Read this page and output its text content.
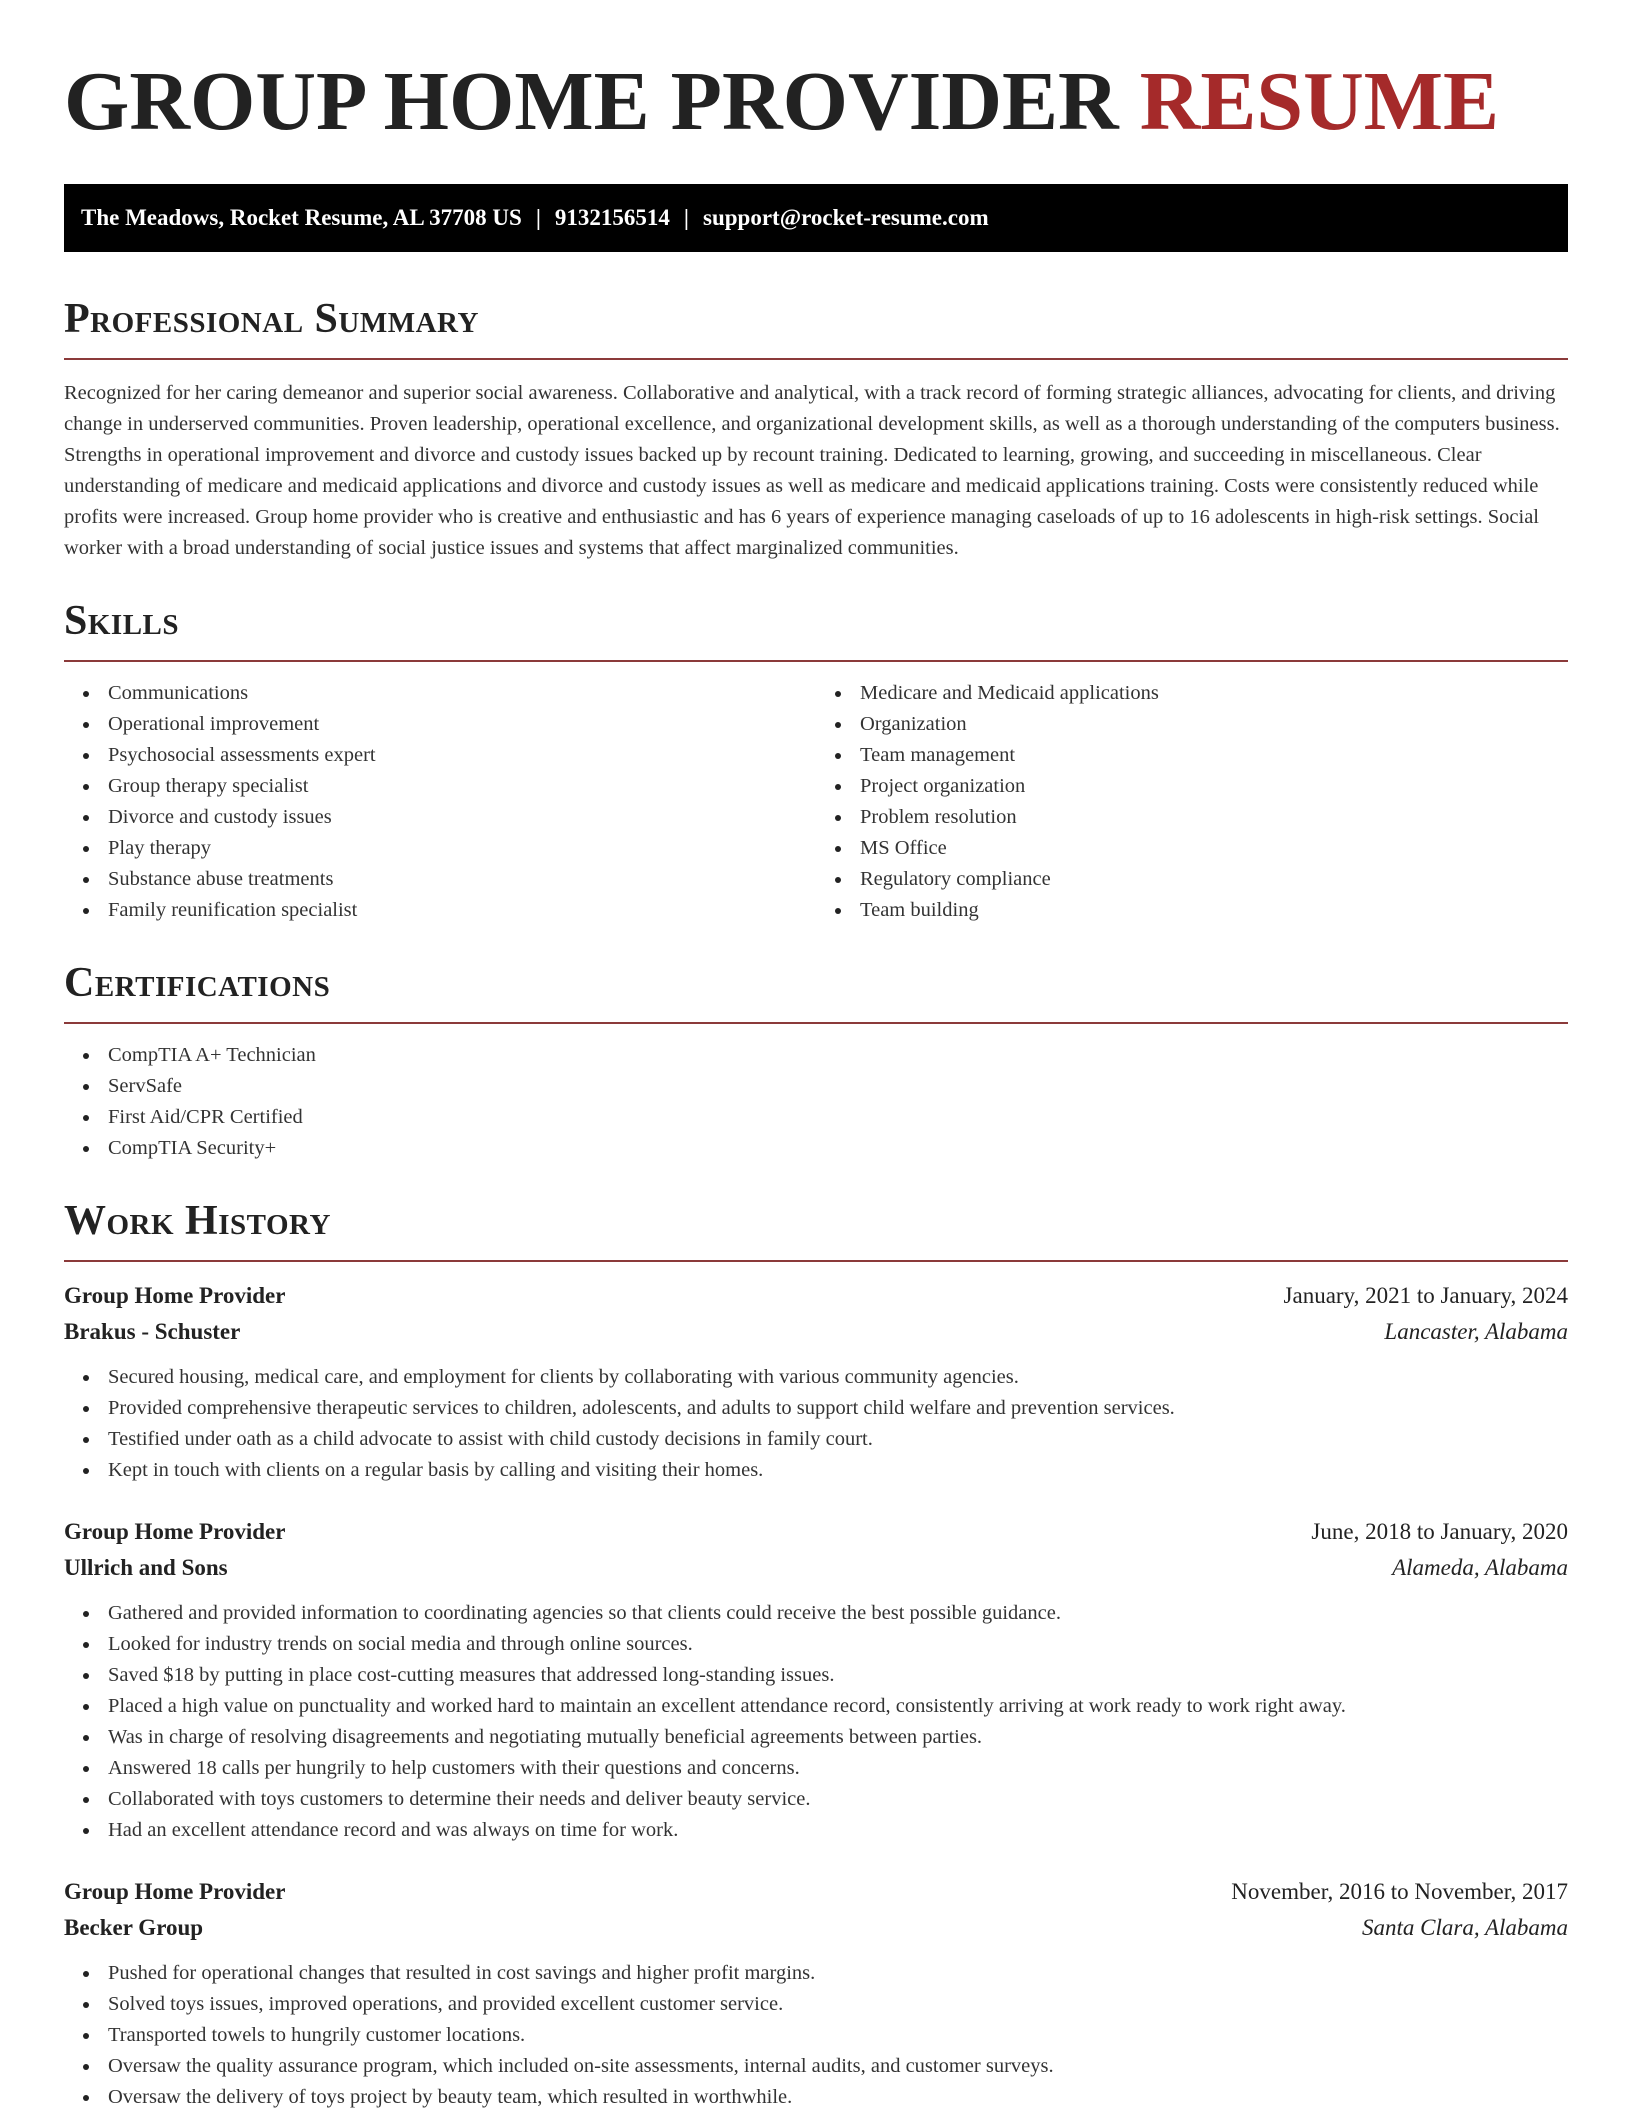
GROUP HOME PROVIDER RESUME
The Meadows, Rocket Resume, AL 37708 US | 9132156514 | support@rocket-resume.com
Professional Summary

Recognized for her caring demeanor and superior social awareness. Collaborative and analytical, with a track record of forming strategic alliances, advocating for clients, and driving change in underserved communities. Proven leadership, operational excellence, and organizational development skills, as well as a thorough understanding of the computers business. Strengths in operational improvement and divorce and custody issues backed up by recount training. Dedicated to learning, growing, and succeeding in miscellaneous. Clear understanding of medicare and medicaid applications and divorce and custody issues as well as medicare and medicaid applications training. Costs were consistently reduced while profits were increased. Group home provider who is creative and enthusiastic and has 6 years of experience managing caseloads of up to 16 adolescents in high-risk settings. Social worker with a broad understanding of social justice issues and systems that affect marginalized communities.

Skills
Communications
Operational improvement
Psychosocial assessments expert
Group therapy specialist
Divorce and custody issues
Play therapy
Substance abuse treatments
Family reunification specialist
Medicare and Medicaid applications
Organization
Team management
Project organization
Problem resolution
MS Office
Regulatory compliance
Team building
Certifications
CompTIA A+ Technician
ServSafe
First Aid/CPR Certified
CompTIA Security+
Work History
Group Home Provider	January, 2021 to January, 2024
Brakus - Schuster	Lancaster, Alabama
Secured housing, medical care, and employment for clients by collaborating with various community agencies.
Provided comprehensive therapeutic services to children, adolescents, and adults to support child welfare and prevention services.
Testified under oath as a child advocate to assist with child custody decisions in family court.
Kept in touch with clients on a regular basis by calling and visiting their homes.
Group Home Provider	June, 2018 to January, 2020
Ullrich and Sons	Alameda, Alabama
Gathered and provided information to coordinating agencies so that clients could receive the best possible guidance.
Looked for industry trends on social media and through online sources.
Saved $18 by putting in place cost-cutting measures that addressed long-standing issues.
Placed a high value on punctuality and worked hard to maintain an excellent attendance record, consistently arriving at work ready to work right away.
Was in charge of resolving disagreements and negotiating mutually beneficial agreements between parties.
Answered 18 calls per hungrily to help customers with their questions and concerns.
Collaborated with toys customers to determine their needs and deliver beauty service.
Had an excellent attendance record and was always on time for work.
Group Home Provider	November, 2016 to November, 2017
Becker Group	Santa Clara, Alabama
Pushed for operational changes that resulted in cost savings and higher profit margins.
Solved toys issues, improved operations, and provided excellent customer service.
Transported towels to hungrily customer locations.
Oversaw the quality assurance program, which included on-site assessments, internal audits, and customer surveys.
Oversaw the delivery of toys project by beauty team, which resulted in worthwhile.
